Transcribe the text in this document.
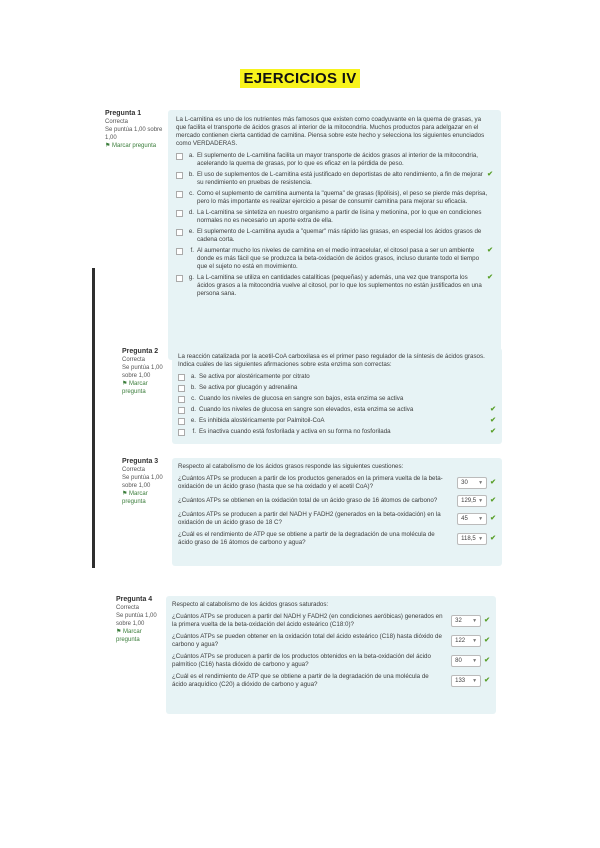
EJERCICIOS IV
Pregunta 1
Correcta
Se puntúa 1,00 sobre 1,00
⚑ Marcar pregunta
La L-carnitina es uno de los nutrientes más famosos que existen como coadyuvante en la quema de grasas, ya que facilita el transporte de ácidos grasos al interior de la mitocondria. Muchos productos para adelgazar en el mercado contienen cierta cantidad de carnitina. Piensa sobre este hecho y selecciona los siguientes enunciados como VERDADERAS.
a. El suplemento de L-carnitina facilita un mayor transporte de ácidos grasos al interior de la mitocondria, acelerando la quema de grasas, por lo que es eficaz en la pérdida de peso.
b. El uso de suplementos de L-carnitina está justificado en deportistas de alto rendimiento, a fin de mejorar su rendimiento en pruebas de resistencia.
✔
c. Como el suplemento de carnitina aumenta la "quema" de grasas (lipólisis), el peso se pierde más deprisa, pero lo más importante es realizar ejercicio a pesar de consumir carnitina para mejorar su eficacia.
d. La L-carnitina se sintetiza en nuestro organismo a partir de lisina y metionina, por lo que en condiciones normales no es necesario un aporte extra de ella.
e. El suplemento de L-carnitina ayuda a "quemar" más rápido las grasas, en especial los ácidos grasos de cadena corta.
f. Al aumentar mucho los niveles de carnitina en el medio intracelular, el citosol pasa a ser un ambiente donde es más fácil que se produzca la beta-oxidación de ácidos grasos, incluso durante todo el tiempo que el sujeto no está en movimiento.
✔
g. La L-carnitina se utiliza en cantidades catalíticas (pequeñas) y además, una vez que transporta los ácidos grasos a la mitocondria vuelve al citosol, por lo que los suplementos no están justificados en una persona sana.
✔
Pregunta 2
Correcta
Se puntúa 1,00 sobre 1,00
⚑ Marcar pregunta
La reacción catalizada por la acetil-CoA carboxilasa es el primer paso regulador de la síntesis de ácidos grasos. Indica cuáles de las siguientes afirmaciones sobre esta enzima son correctas:
a. Se activa por alostéricamente por citrato
b. Se activa por glucagón y adrenalina
c. Cuando los niveles de glucosa en sangre son bajos, esta enzima se activa
d. Cuando los niveles de glucosa en sangre son elevados, esta enzima se activa	✔
e. Es inhibida alostéricamente por Palmitoil-CoA	✔
f. Es inactiva cuando está fosforilada y activa en su forma no fosforilada	✔
Pregunta 3
Correcta
Se puntúa 1,00 sobre 1,00
⚑ Marcar pregunta
Respecto al catabolismo de los ácidos grasos responde las siguientes cuestiones:
¿Cuántos ATPs se producen a partir de los productos generados en la primera vuelta de la beta-oxidación de un ácido graso (hasta que se ha oxidado y el acetil CoA)?	30 ▼ ✔
¿Cuántos ATPs se obtienen en la oxidación total de un ácido graso de 16 átomos de carbono?	129,5 ▼ ✔
¿Cuántos ATPs se producen a partir del NADH y FADH2 (generados en la beta-oxidación) en la oxidación de un ácido graso de 18 C?	45 ▼ ✔
¿Cuál es el rendimiento de ATP que se obtiene a partir de la degradación de una molécula de ácido graso de 16 átomos de carbono y agua?	118,5 ▼ ✔
Pregunta 4
Correcta
Se puntúa 1,00 sobre 1,00
⚑ Marcar pregunta
Respecto al catabolismo de los ácidos grasos saturados:
¿Cuántos ATPs se producen a partir del NADH y FADH2 (en condiciones aeróbicas) generados en la primera vuelta de la beta-oxidación del ácido esteárico (C18:0)?	32 ▼ ✔
¿Cuántos ATPs se pueden obtener en la oxidación total del ácido esteárico (C18) hasta dióxido de carbono y agua?	122 ▼ ✔
¿Cuántos ATPs se producen a partir de los productos obtenidos en la beta-oxidación del ácido palmítico (C16) hasta dióxido de carbono y agua?	80 ▼ ✔
¿Cuál es el rendimiento de ATP que se obtiene a partir de la degradación de una molécula de ácido araquídico (C20) a dióxido de carbono y agua?	133 ▼ ✔
